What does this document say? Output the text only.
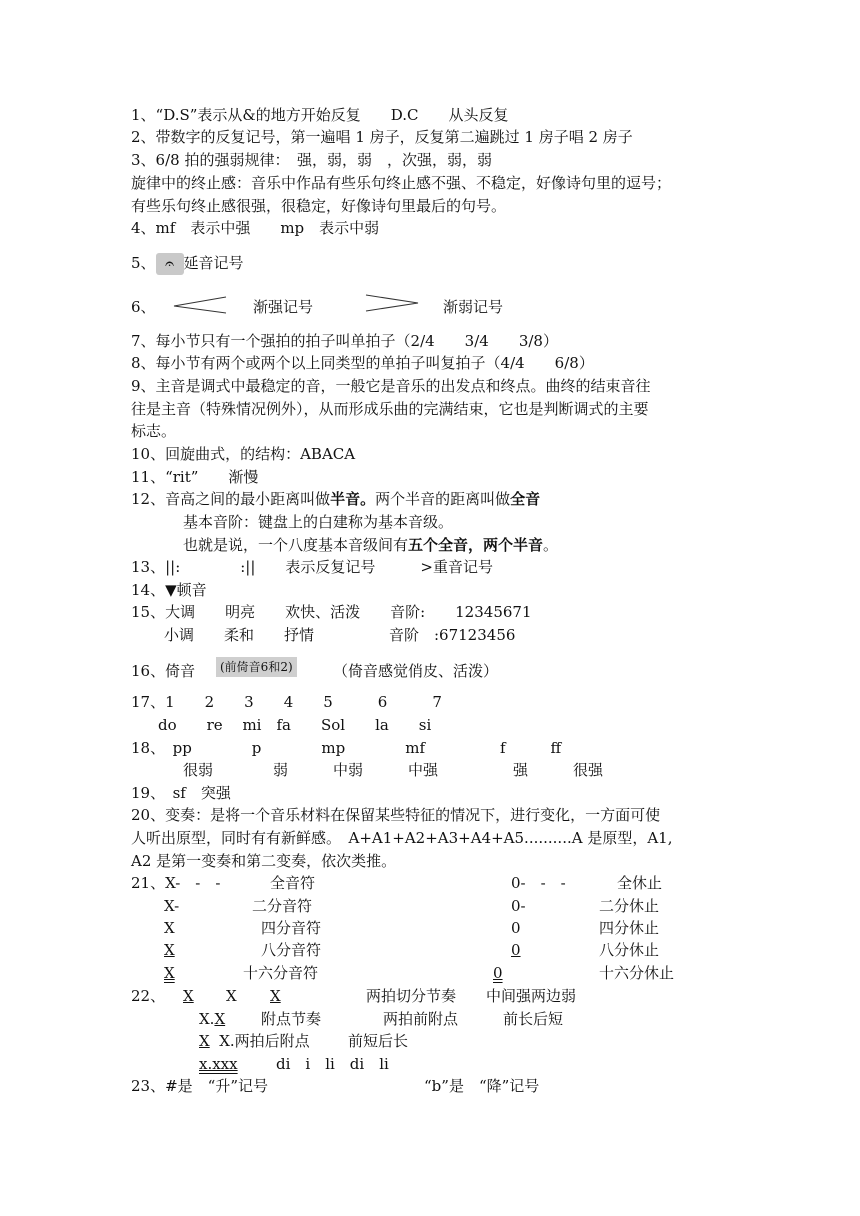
1、“D.S”表示从&的地方开始反复　　D.C　　从头反复
2、带数字的反复记号，第一遍唱 1 房子，反复第二遍跳过 1 房子唱 2 房子
3、6/8 拍的强弱规律：　强，弱，弱　，次强，弱，弱
旋律中的终止感：音乐中作品有些乐句终止感不强、不稳定，好像诗句里的逗号；
有些乐句终止感很强，很稳定，好像诗句里最后的句号。
4、mf　表示中强　　mp　表示中弱
5、 𝄐 延音记号
6、	渐强记号	渐弱记号
7、每小节只有一个强拍的拍子叫单拍子（2/4　　3/4　　3/8）
8、每小节有两个或两个以上同类型的单拍子叫复拍子（4/4　　6/8）
9、主音是调式中最稳定的音，一般它是音乐的出发点和终点。曲终的结束音往
往是主音（特殊情况例外），从而形成乐曲的完满结束，它也是判断调式的主要
标志。
10、回旋曲式，的结构：ABACA
11、“rit”　　渐慢
12、音高之间的最小距离叫做半音。两个半音的距离叫做全音
基本音阶：键盘上的白建称为基本音级。
也就是说，一个八度基本音级间有五个全音，两个半音。
13、||:　　　　:||　　表示反复记号　　　>重音记号
14、▼顿音
15、大调　　明亮　　欢快、活泼　　音阶:　　12345671
小调　　柔和　　抒情　　　　　音阶　:67123456
16、倚音	(前倚音6和2)	（倚音感觉俏皮、活泼）
17、1　　2　　3　　4　　5　　　6　　　7
do　　re　 mi　fa　　Sol　　la　　si
18、　pp　　　　p　　　　mp　　　　mf　　　　　f　　　ff
很弱　　　　弱　　　中弱　　　中强　　　　　强　　　很强
19、　sf　突强
20、变奏：是将一个音乐材料在保留某些特征的情况下，进行变化，一方面可使
人听出原型，同时有有新鲜感。　A+A1+A2+A3+A4+A5..........A 是原型，A1,
A2 是第一变奏和第二变奏，依次类推。
21、X-　-　-	全音符	0-　-　-	全休止
X-	二分音符	0-	二分休止
X	四分音符	0	四分休止
X	八分音符	0	八分休止
X	十六分音符	0	十六分休止
22、 X X X	两拍切分节奏 中间强两边弱
X.X 附点节奏	两拍前附点	前长后短
X X.两拍后附点	前短后长
x.xxx	di　i　li　di　li
23、#是　“升”记号	“b”是　“降”记号
